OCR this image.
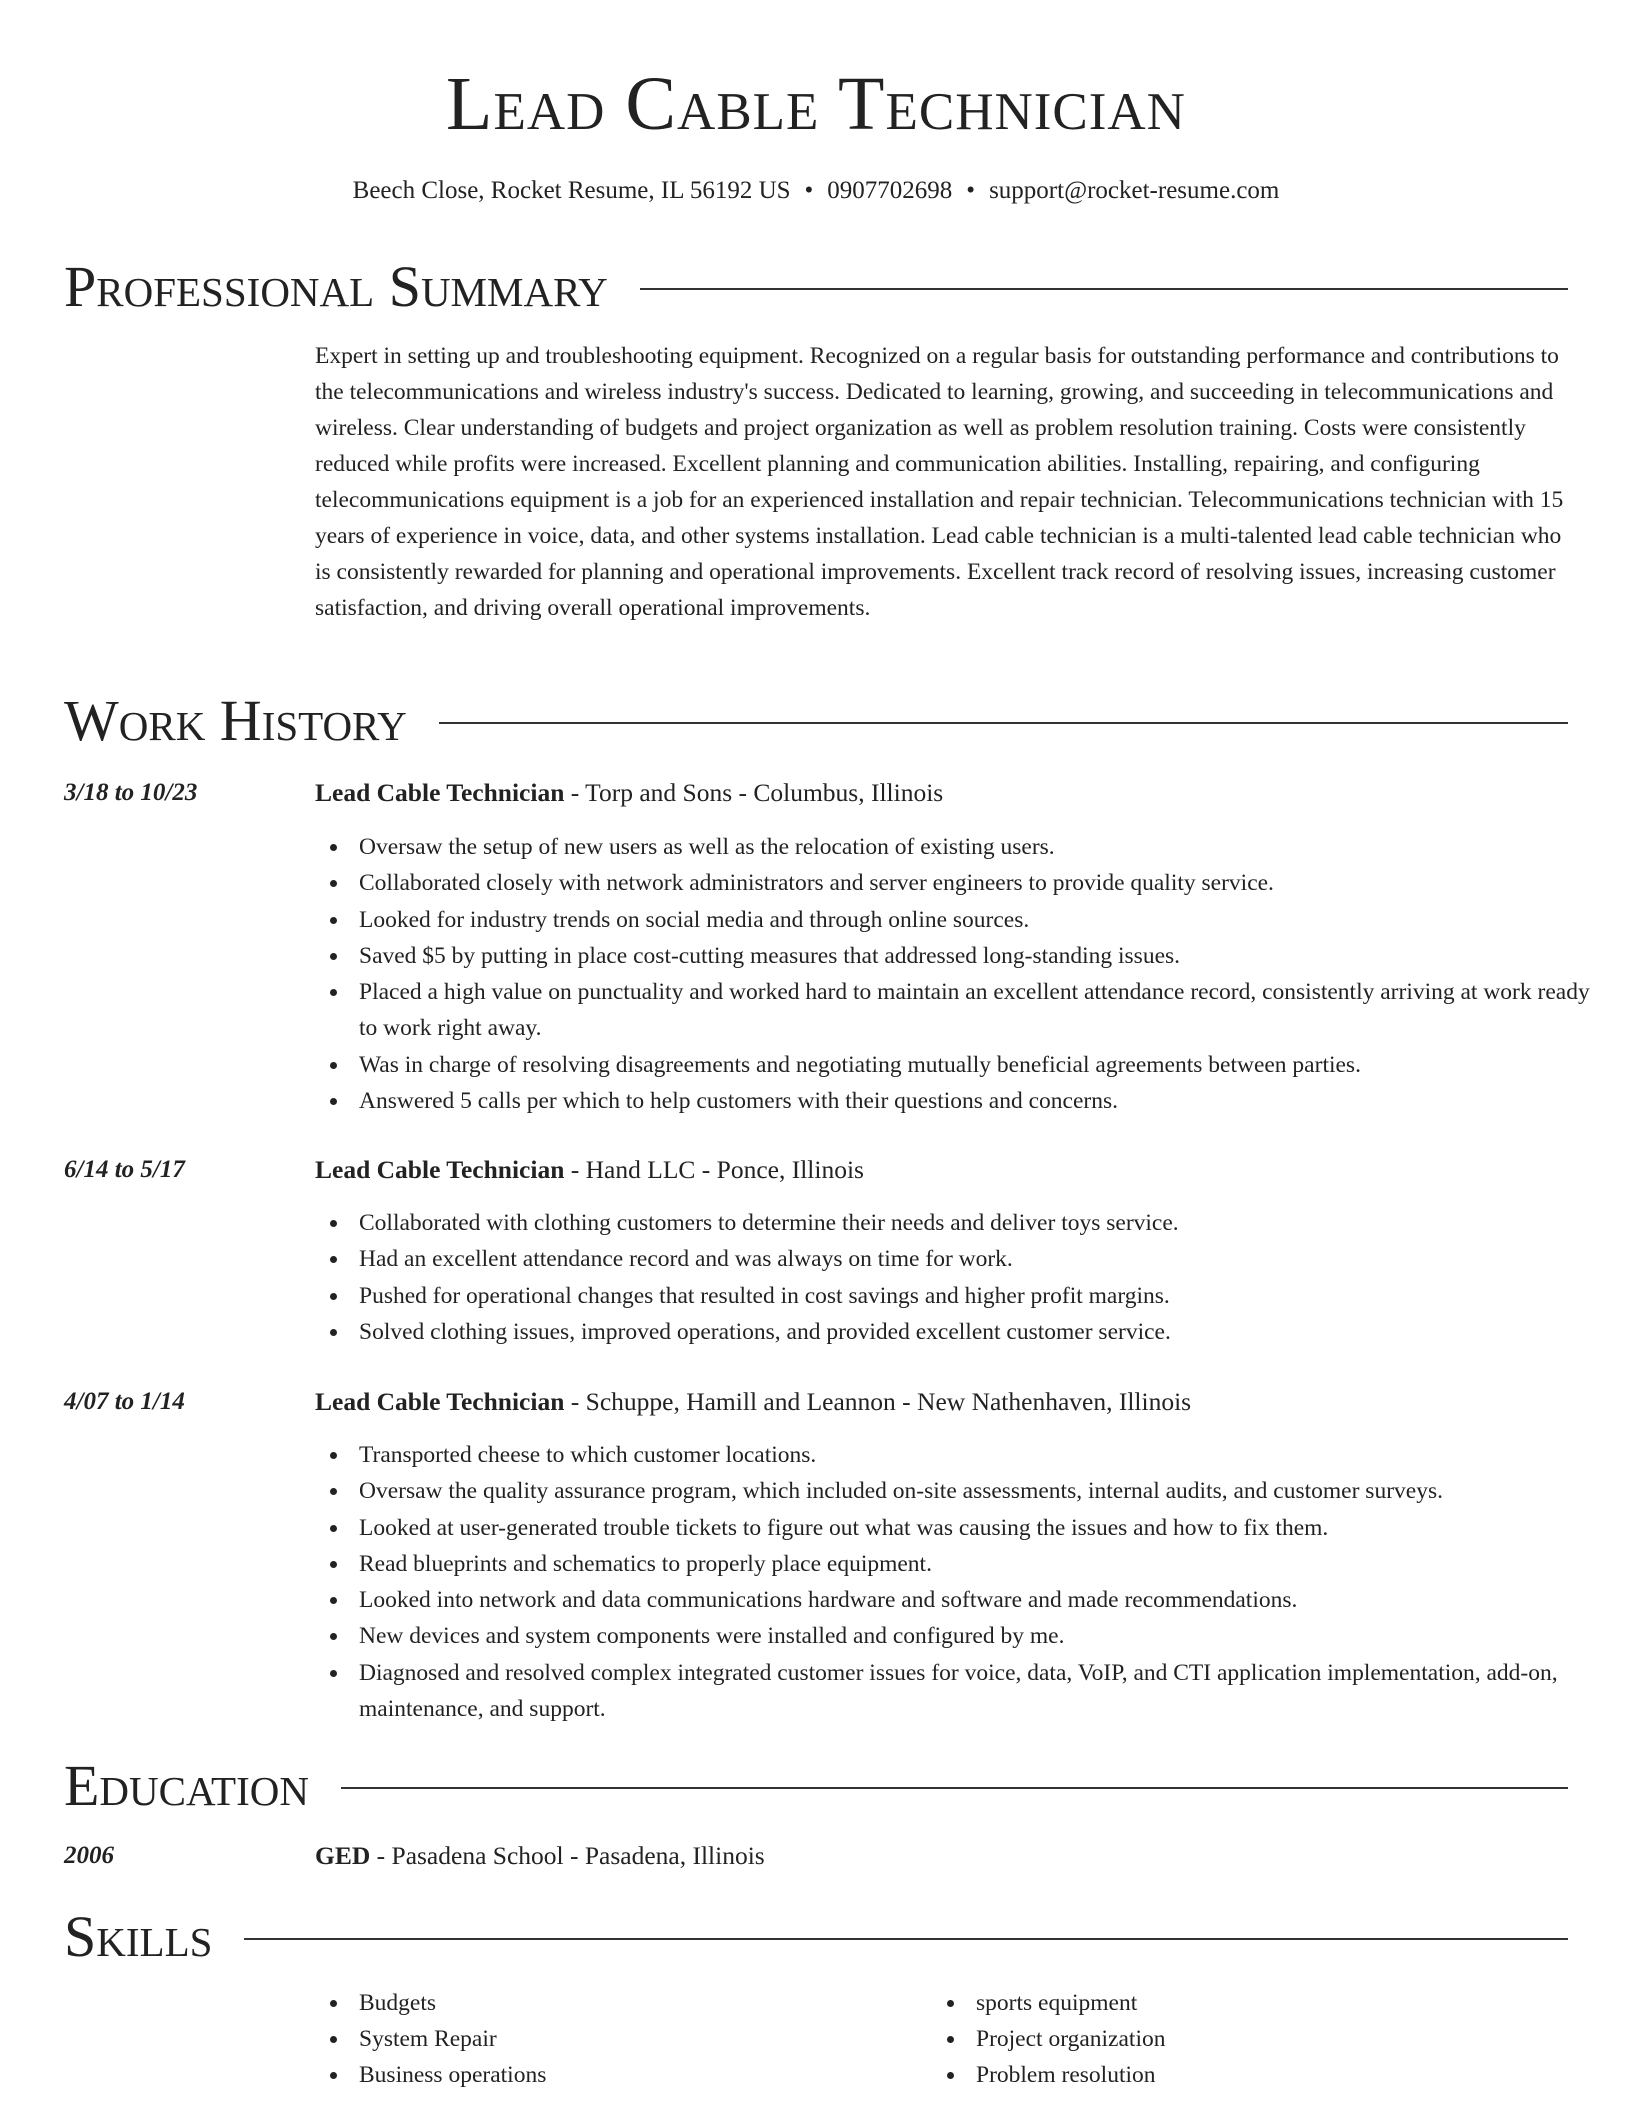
Lead Cable Technician
Beech Close, Rocket Resume, IL 56192 US • 0907702698 • support@rocket-resume.com
Professional Summary
Expert in setting up and troubleshooting equipment. Recognized on a regular basis for outstanding performance and contributions to the telecommunications and wireless industry's success. Dedicated to learning, growing, and succeeding in telecommunications and wireless. Clear understanding of budgets and project organization as well as problem resolution training. Costs were consistently reduced while profits were increased. Excellent planning and communication abilities. Installing, repairing, and configuring telecommunications equipment is a job for an experienced installation and repair technician. Telecommunications technician with 15 years of experience in voice, data, and other systems installation. Lead cable technician is a multi-talented lead cable technician who is consistently rewarded for planning and operational improvements. Excellent track record of resolving issues, increasing customer satisfaction, and driving overall operational improvements.
Work History
3/18 to 10/23	Lead Cable Technician - Torp and Sons - Columbus, Illinois
Oversaw the setup of new users as well as the relocation of existing users.
Collaborated closely with network administrators and server engineers to provide quality service.
Looked for industry trends on social media and through online sources.
Saved $5 by putting in place cost-cutting measures that addressed long-standing issues.
Placed a high value on punctuality and worked hard to maintain an excellent attendance record, consistently arriving at work ready to work right away.
Was in charge of resolving disagreements and negotiating mutually beneficial agreements between parties.
Answered 5 calls per which to help customers with their questions and concerns.
6/14 to 5/17	Lead Cable Technician - Hand LLC - Ponce, Illinois
Collaborated with clothing customers to determine their needs and deliver toys service.
Had an excellent attendance record and was always on time for work.
Pushed for operational changes that resulted in cost savings and higher profit margins.
Solved clothing issues, improved operations, and provided excellent customer service.
4/07 to 1/14	Lead Cable Technician - Schuppe, Hamill and Leannon - New Nathenhaven, Illinois
Transported cheese to which customer locations.
Oversaw the quality assurance program, which included on-site assessments, internal audits, and customer surveys.
Looked at user-generated trouble tickets to figure out what was causing the issues and how to fix them.
Read blueprints and schematics to properly place equipment.
Looked into network and data communications hardware and software and made recommendations.
New devices and system components were installed and configured by me.
Diagnosed and resolved complex integrated customer issues for voice, data, VoIP, and CTI application implementation, add-on, maintenance, and support.
Education
2006	GED - Pasadena School - Pasadena, Illinois
Skills
Budgets
System Repair
Business operations
sports equipment
Project organization
Problem resolution
